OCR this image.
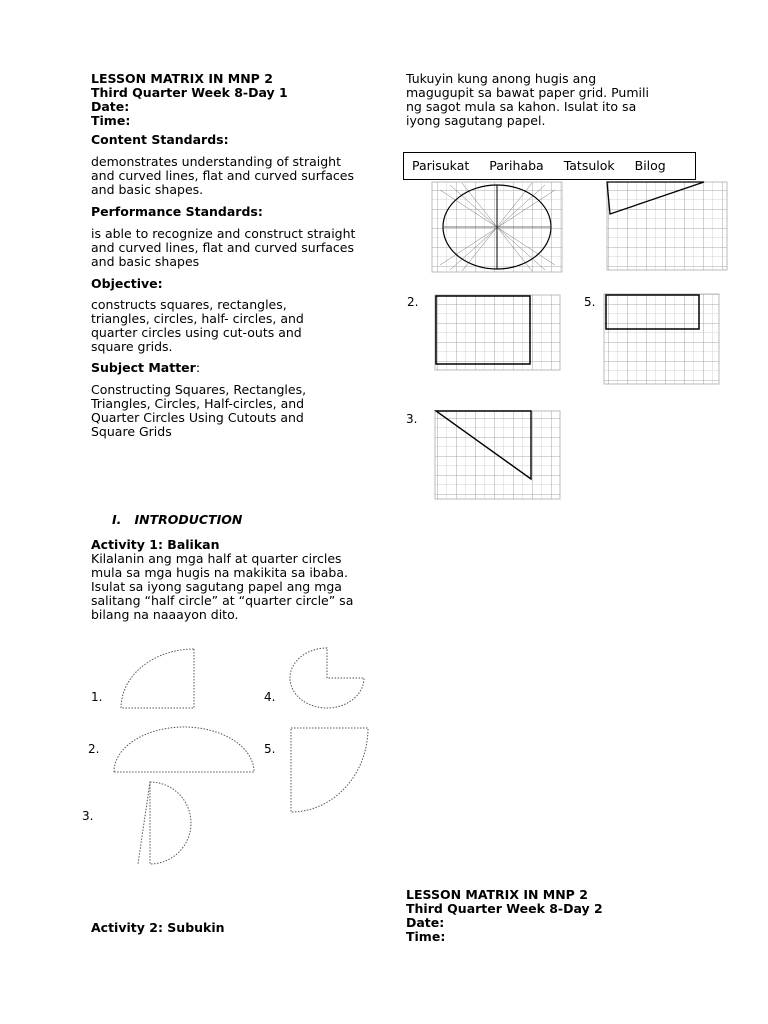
LESSON MATRIX IN MNP 2

Third Quarter Week 8-Day 1

Date:

Time:

Content Standards:

demonstrates understanding of straight and curved lines, flat and curved surfaces and basic shapes.

Performance Standards:

is able to recognize and construct straight and curved lines, flat and curved surfaces and basic shapes

Objective:

constructs squares, rectangles, triangles, circles, half- circles, and quarter circles using cut-outs and square grids.

Subject Matter:

Constructing Squares, Rectangles, Triangles, Circles, Half-circles, and Quarter Circles Using Cutouts and Square Grids

I. INTRODUCTION

Activity 1: Balikan

Kilalanin ang mga half at quarter circles mula sa mga hugis na makikita sa ibaba. Isulat sa iyong sagutang papel ang mga salitang “half circle” at “quarter circle” sa bilang na naaayon dito.

1.
2.
3.
4.
5.

Activity 2: Subukin

Tukuyin kung anong hugis ang magugupit sa bawat paper grid. Pumili ng sagot mula sa kahon. Isulat ito sa iyong sagutang papel.

Parisukat Parihaba Tatsulok Bilog
2.
3.
5.

LESSON MATRIX IN MNP 2

Third Quarter Week 8-Day 2

Date:

Time:
